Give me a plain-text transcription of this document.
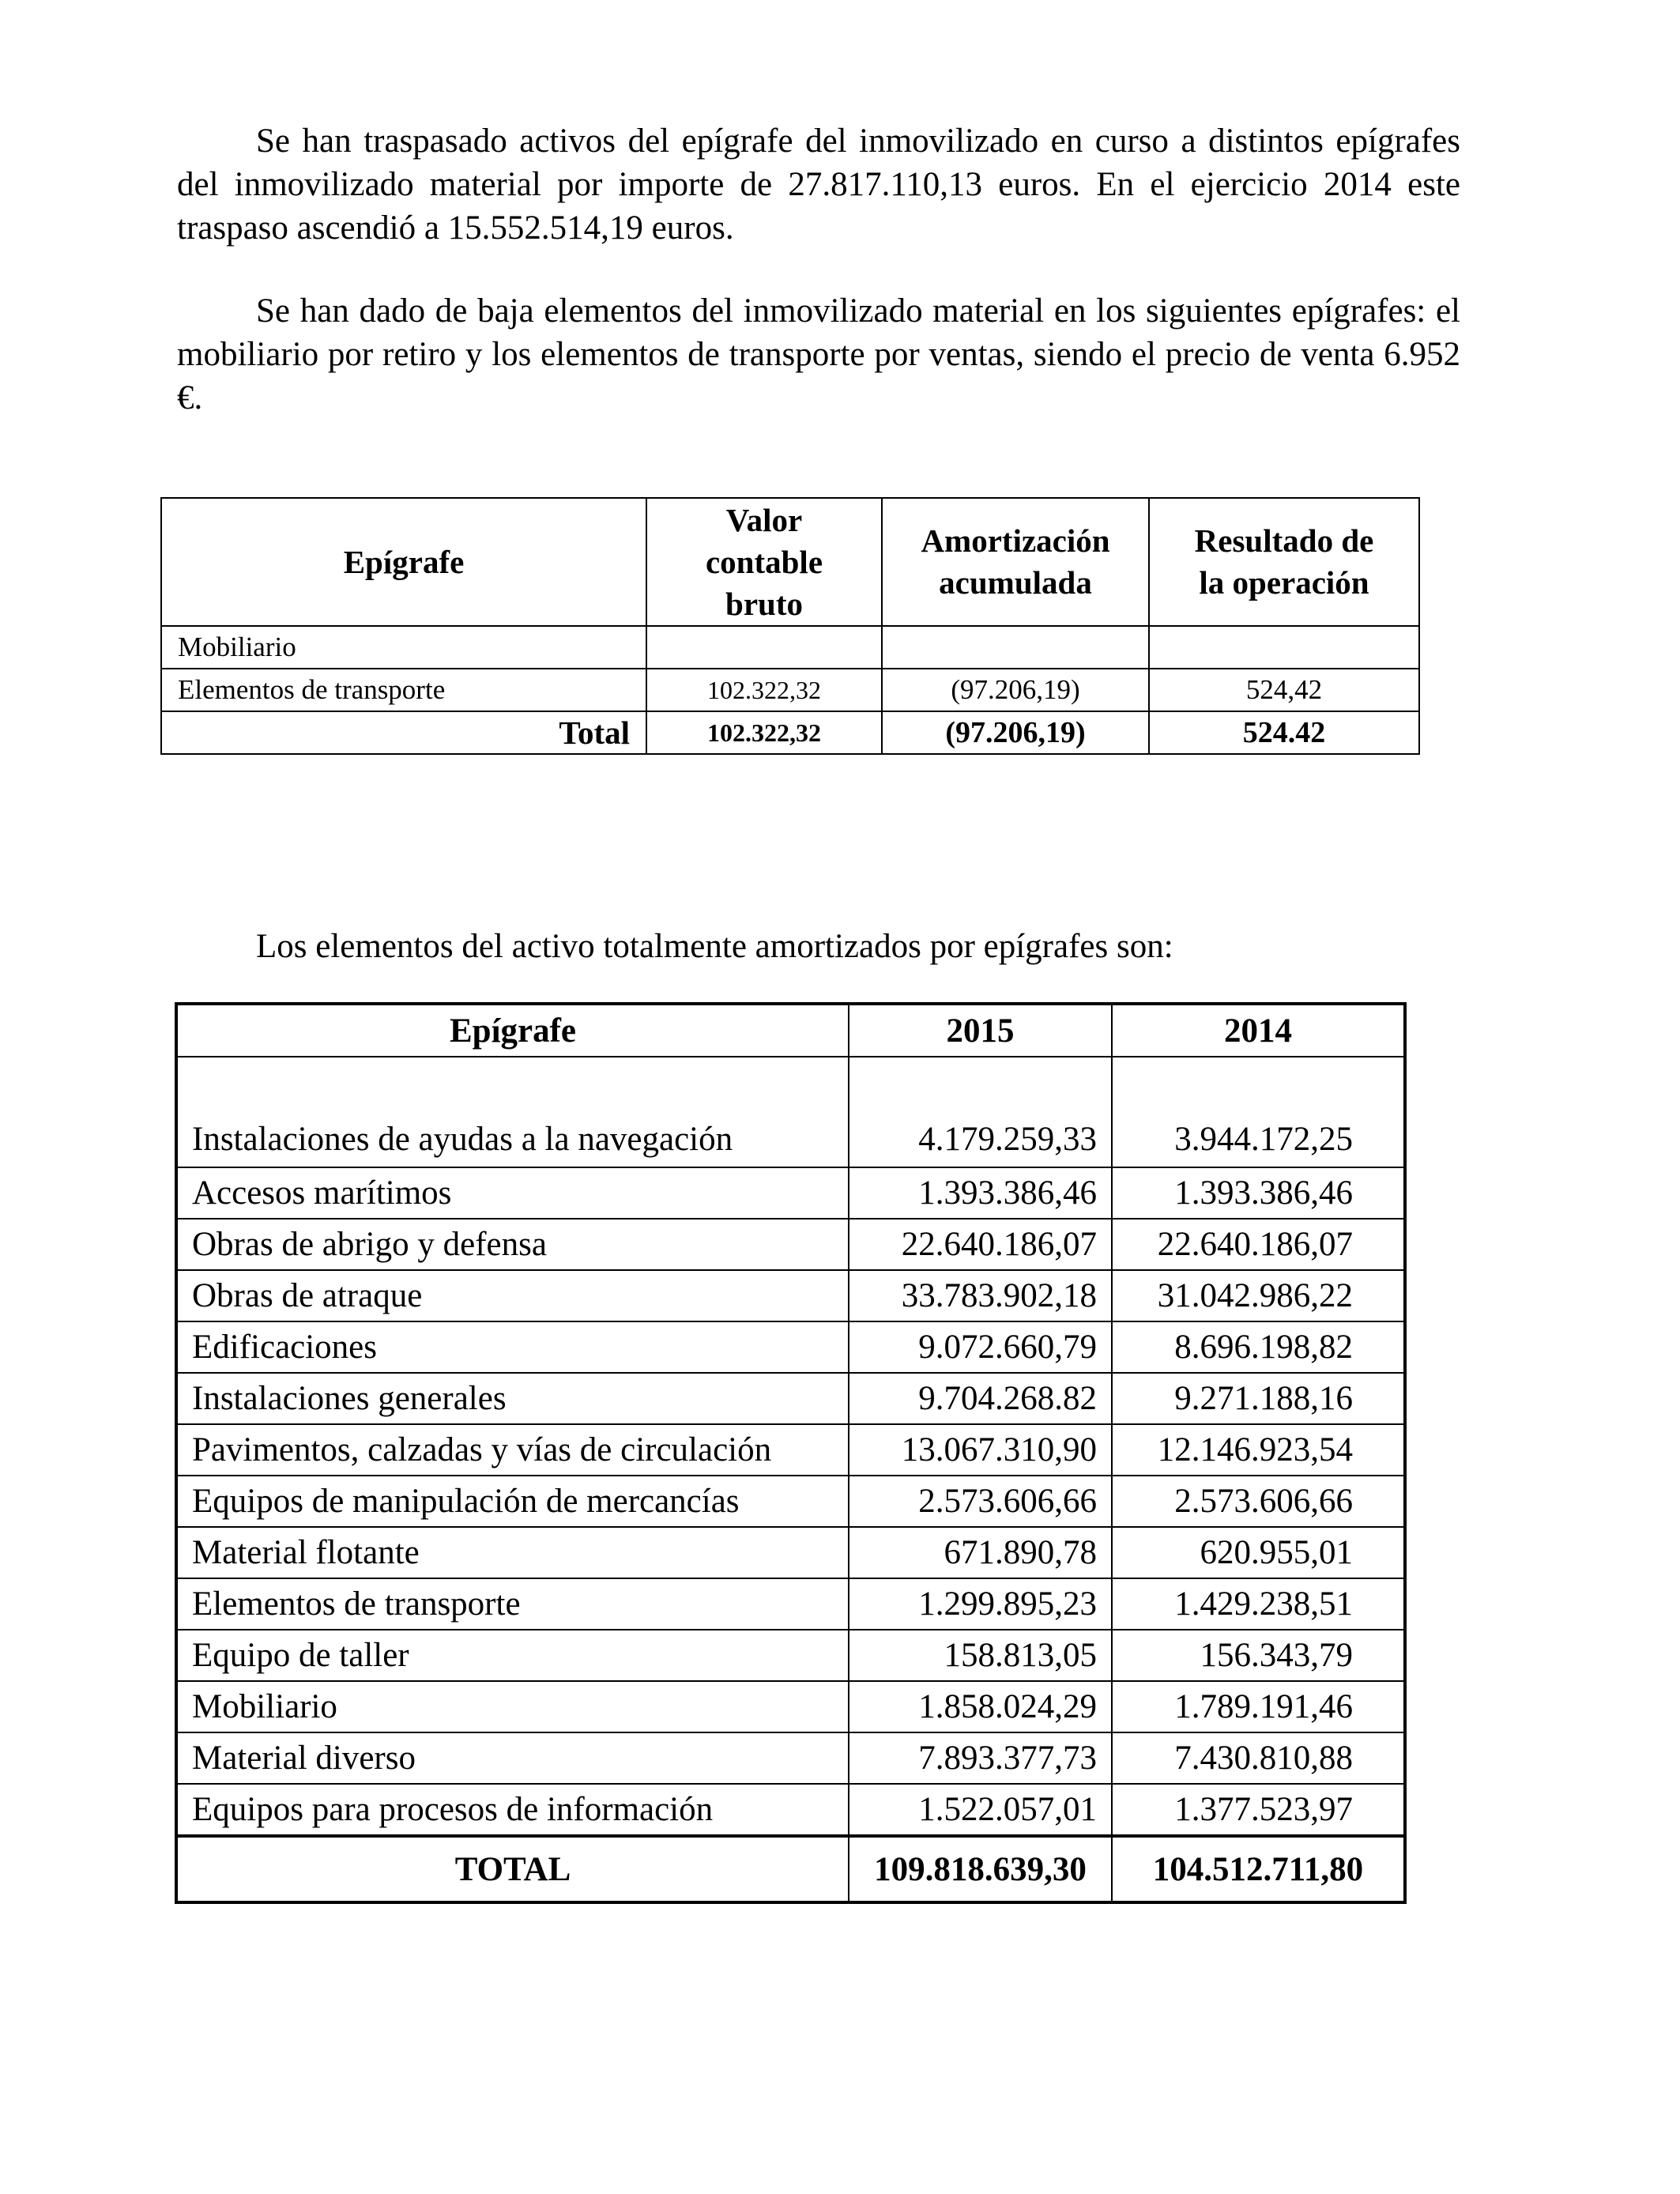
Se han traspasado activos del epígrafe del inmovilizado en curso a distintos epígrafes del inmovilizado material por importe de 27.817.110,13 euros. En el ejercicio 2014 este traspaso ascendió a 15.552.514,19 euros.

Se han dado de baja elementos del inmovilizado material en los siguientes epígrafes: el mobiliario por retiro y los elementos de transporte por ventas, siendo el precio de venta 6.952 €.

Epígrafe	Valor contable bruto	Amortización acumulada	Resultado de la operación

Mobiliario			
Elementos de transporte	102.322,32	(97.206,19)	524,42
Total	102.322,32	(97.206,19)	524.42

Los elementos del activo totalmente amortizados por epígrafes son:

Epígrafe	2015	2014
Instalaciones de ayudas a la navegación	4.179.259,33	3.944.172,25
Accesos marítimos	1.393.386,46	1.393.386,46
Obras de abrigo y defensa	22.640.186,07	22.640.186,07
Obras de atraque	33.783.902,18	31.042.986,22
Edificaciones	9.072.660,79	8.696.198,82
Instalaciones generales	9.704.268.82	9.271.188,16
Pavimentos, calzadas y vías de circulación	13.067.310,90	12.146.923,54
Equipos de manipulación de mercancías	2.573.606,66	2.573.606,66
Material flotante	671.890,78	620.955,01
Elementos de transporte	1.299.895,23	1.429.238,51
Equipo de taller	158.813,05	156.343,79
Mobiliario	1.858.024,29	1.789.191,46
Material diverso	7.893.377,73	7.430.810,88
Equipos para procesos de información	1.522.057,01	1.377.523,97
TOTAL	109.818.639,30	104.512.711,80
